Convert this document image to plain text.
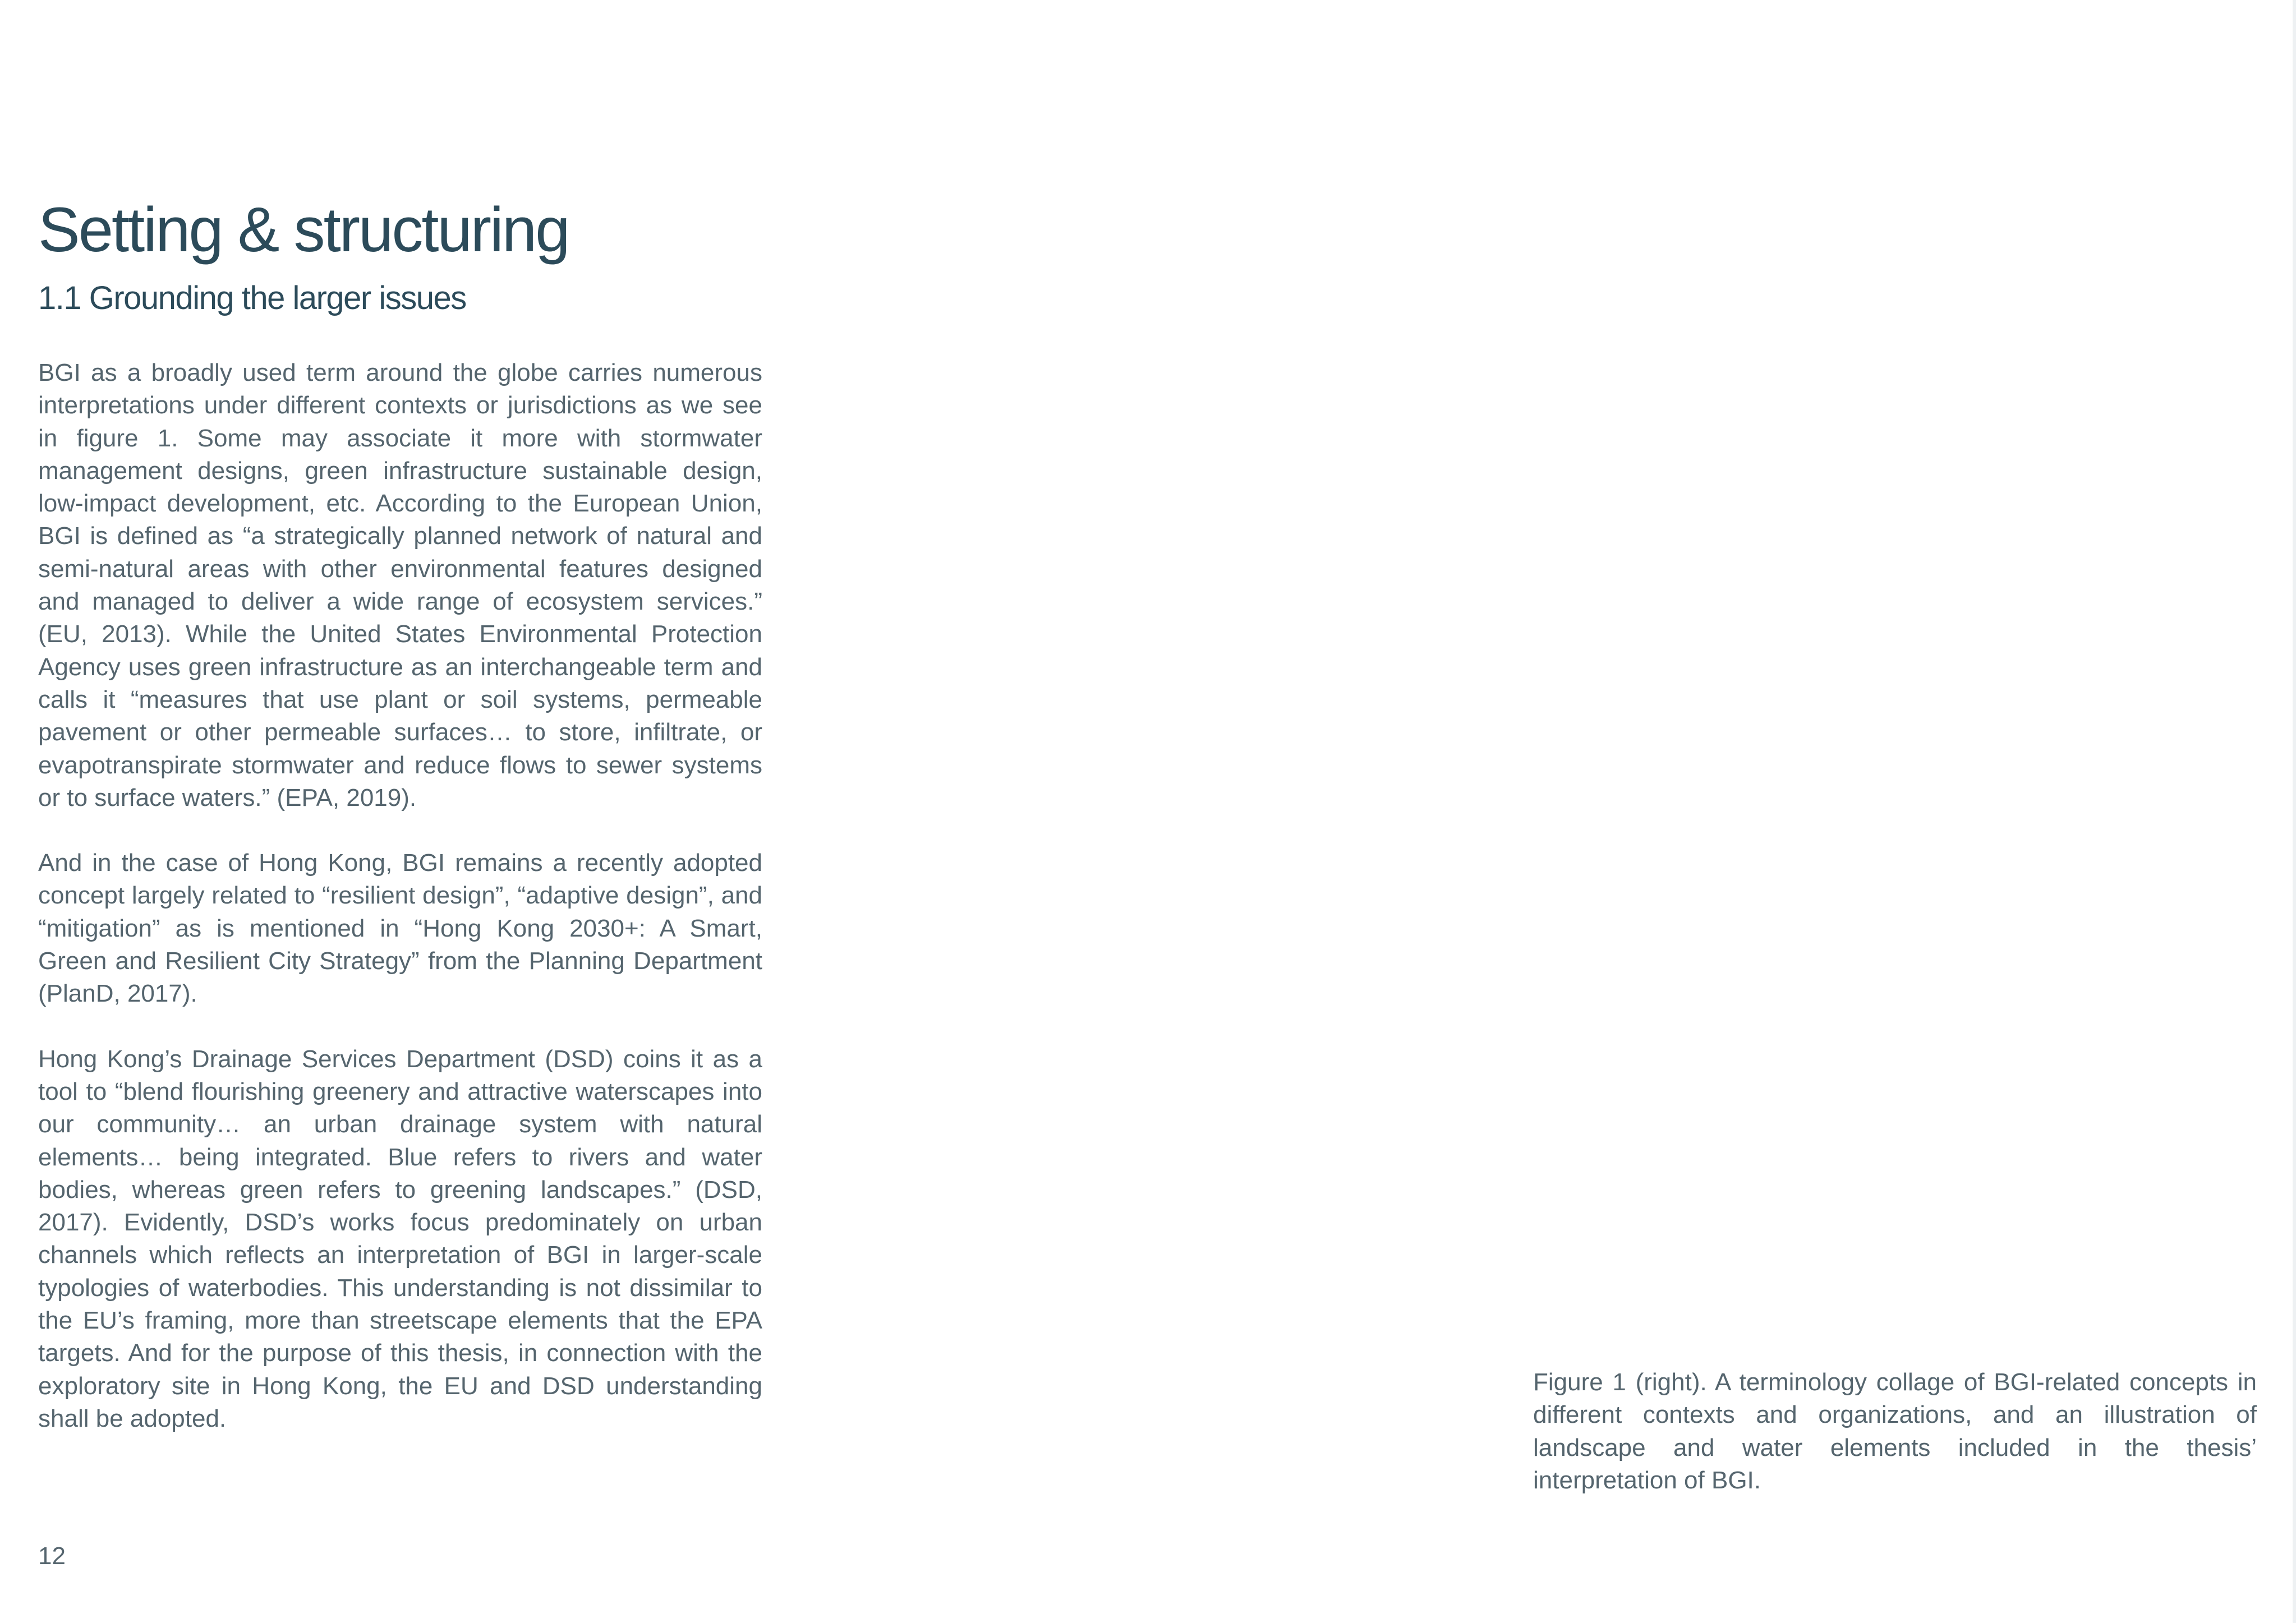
Setting & structuring
1.1 Grounding the larger issues

BGI as a broadly used term around the globe carries numerous interpretations under different contexts or jurisdictions as we see in figure 1. Some may associate it more with stormwater management designs, green infrastructure sustainable design, low-impact development, etc. According to the European Union, BGI is defined as “a strategically planned network of natural and semi-natural areas with other environmental features designed and managed to deliver a wide range of ecosystem services.” (EU, 2013). While the United States Environmental Protection Agency uses green infrastructure as an interchangeable term and calls it “measures that use plant or soil systems, permeable pavement or other permeable surfaces… to store, infiltrate, or evapotranspirate stormwater and reduce flows to sewer systems or to surface waters.” (EPA, 2019).

And in the case of Hong Kong, BGI remains a recently adopted concept largely related to “resilient design”, “adaptive design”, and “mitigation” as is mentioned in “Hong Kong 2030+: A Smart, Green and Resilient City Strategy” from the Planning Department (PlanD, 2017).

Hong Kong’s Drainage Services Department (DSD) coins it as a tool to “blend flourishing greenery and attractive waterscapes into our community… an urban drainage system with natural elements… being integrated. Blue refers to rivers and water bodies, whereas green refers to greening landscapes.” (DSD, 2017). Evidently, DSD’s works focus predominately on urban channels which reflects an interpretation of BGI in larger-scale typologies of waterbodies. This understanding is not dissimilar to the EU’s framing, more than streetscape elements that the EPA targets. And for the purpose of this thesis, in connection with the exploratory site in Hong Kong, the EU and DSD understanding shall be adopted.

Figure 1 (right). A terminology collage of BGI-related concepts in different contexts and organizations, and an illustration of landscape and water elements included in the thesis’ interpretation of BGI.

12
